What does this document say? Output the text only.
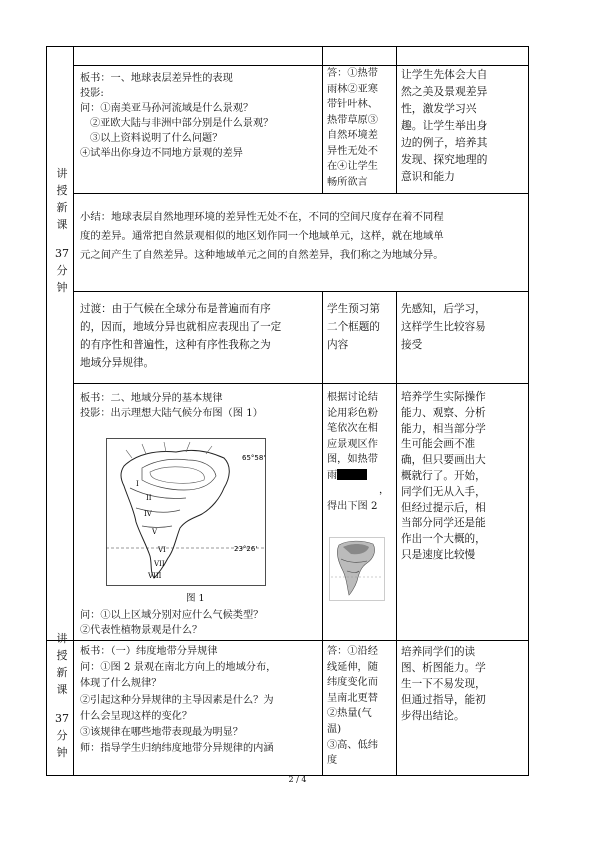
讲
授
新
课
37
分
钟
讲
授
新
课
37
分
钟
板书：一、地球表层差异性的表现
投影:
问：①南美亚马孙河流域是什么景观？
②亚欧大陆与非洲中部分别是什么景观？
③以上资料说明了什么问题？
④试举出你身边不同地方景观的差异
答：①热带
雨林②亚寒
带针叶林、
热带草原③
自然环境差
异性无处不
在④让学生
畅所欲言
让学生先体会大自
然之美及景观差异
性，激发学习兴
趣。让学生举出身
边的例子，培养其
发现、探究地理的
意识和能力
小结：地球表层自然地理环境的差异性无处不在，不同的空间尺度存在着不同程
度的差异。通常把自然景观相似的地区划作同一个地域单元，这样，就在地域单
元之间产生了自然差异。这种地域单元之间的自然差异，我们称之为地域分异。
过渡：由于气候在全球分布是普遍而有序
的，因而，地域分异也就相应表现出了一定
的有序性和普遍性，这种有序性我称之为
地域分异规律。
学生预习第
二个框题的
内容
先感知，后学习，
这样学生比较容易
接受
板书：二、地域分异的基本规律
投影：出示理想大陆气候分布图（图 1）
65°58'
23°26'
I
II
IV
V
VI
VII
VIII
图 1
问：①以上区域分别对应什么气候类型？
②代表性植物景观是什么？
根据讨论结
论用彩色粉
笔依次在相
应景观区作
图，如热带
雨
，
得出下图 2
培养学生实际操作
能力、观察、分析
能力，相当部分学
生可能会画不准
确，但只要画出大
概就行了。开始，
同学们无从入手，
但经过提示后，相
当部分同学还是能
作出一个大概的，
只是速度比较慢
板书：（一）纬度地带分异规律
问：①图 2 景观在南北方向上的地域分布，
体现了什么规律？
②引起这种分异规律的主导因素是什么？为
什么会呈现这样的变化？
③该规律在哪些地带表现最为明显？
师：指导学生归纳纬度地带分异规律的内涵
答：①沿经
线延伸，随
纬度变化而
呈南北更替
②热量(气
温)
③高、低纬
度
培养同学们的读
图、析图能力。学
生一下不易发现，
但通过指导，能初
步得出结论。
2 / 4
